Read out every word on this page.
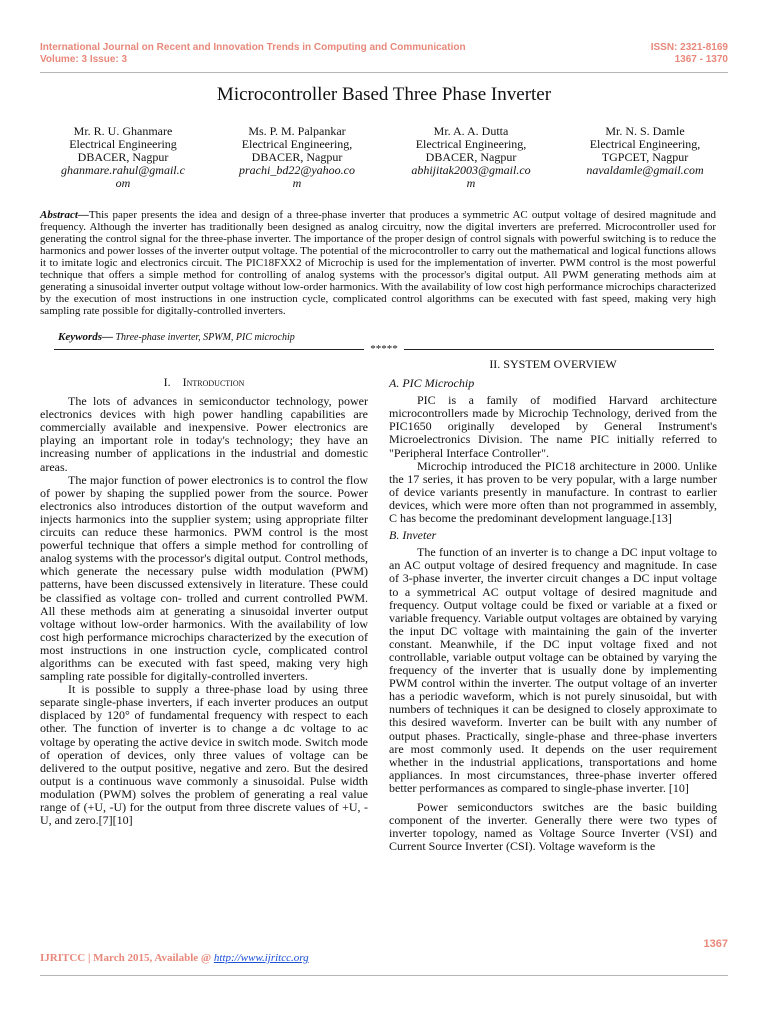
International Journal on Recent and Innovation Trends in Computing and Communication
Volume: 3 Issue: 3
ISSN: 2321-8169
1367 - 1370
Microcontroller Based Three Phase Inverter
Mr. R. U. Ghanmare
Electrical Engineering
DBACER, Nagpur
ghanmare.rahul@gmail.c
om
Ms. P. M. Palpankar
Electrical Engineering,
DBACER, Nagpur
prachi_bd22@yahoo.co
m
Mr. A. A. Dutta
Electrical Engineering,
DBACER, Nagpur
abhijitak2003@gmail.co
m
Mr. N. S. Damle
Electrical Engineering,
TGPCET, Nagpur
navaldamle@gmail.com
Abstract—This paper presents the idea and design of a three-phase inverter that produces a symmetric AC output voltage of desired magnitude and frequency. Although the inverter has traditionally been designed as analog circuitry, now the digital inverters are preferred. Microcontroller used for generating the control signal for the three-phase inverter. The importance of the proper design of control signals with powerful switching is to reduce the harmonics and power losses of the inverter output voltage. The potential of the microcontroller to carry out the mathematical and logical functions allows it to imitate logic and electronics circuit. The PIC18FXX2 of Microchip is used for the implementation of inverter. PWM control is the most powerful technique that offers a simple method for controlling of analog systems with the processor's digital output. All PWM generating methods aim at generating a sinusoidal inverter output voltage without low-order harmonics. With the availability of low cost high performance microchips characterized by the execution of most instructions in one instruction cycle, complicated control algorithms can be executed with fast speed, making very high sampling rate possible for digitally-controlled inverters.
Keywords— Three-phase inverter, SPWM, PIC microchip
*****
I. Introduction

The lots of advances in semiconductor technology, power electronics devices with high power handling capabilities are commercially available and inexpensive. Power electronics are playing an important role in today's technology; they have an increasing number of applications in the industrial and domestic areas.

The major function of power electronics is to control the flow of power by shaping the supplied power from the source. Power electronics also introduces distortion of the output waveform and injects harmonics into the supplier system; using appropriate filter circuits can reduce these harmonics. PWM control is the most powerful technique that offers a simple method for controlling of analog systems with the processor's digital output. Control methods, which generate the necessary pulse width modulation (PWM) patterns, have been discussed extensively in literature. These could be classified as voltage con- trolled and current controlled PWM. All these methods aim at generating a sinusoidal inverter output voltage without low-order harmonics. With the availability of low cost high performance microchips characterized by the execution of most instructions in one instruction cycle, complicated control algorithms can be executed with fast speed, making very high sampling rate possible for digitally-controlled inverters.

It is possible to supply a three-phase load by using three separate single-phase inverters, if each inverter produces an output displaced by 120° of fundamental frequency with respect to each other. The function of inverter is to change a dc voltage to ac voltage by operating the active device in switch mode. Switch mode of operation of devices, only three values of voltage can be delivered to the output positive, negative and zero. But the desired output is a continuous wave commonly a sinusoidal. Pulse width modulation (PWM) solves the problem of generating a real value range of (+U, -U) for the output from three discrete values of +U, -U, and zero.[7][10]

II. SYSTEM OVERVIEW
A. PIC Microchip

PIC is a family of modified Harvard architecture microcontrollers made by Microchip Technology, derived from the PIC1650 originally developed by General Instrument's Microelectronics Division. The name PIC initially referred to "Peripheral Interface Controller".

Microchip introduced the PIC18 architecture in 2000. Unlike the 17 series, it has proven to be very popular, with a large number of device variants presently in manufacture. In contrast to earlier devices, which were more often than not programmed in assembly, C has become the predominant development language.[13]

B. Inveter

The function of an inverter is to change a DC input voltage to an AC output voltage of desired frequency and magnitude. In case of 3-phase inverter, the inverter circuit changes a DC input voltage to a symmetrical AC output voltage of desired magnitude and frequency. Output voltage could be fixed or variable at a fixed or variable frequency. Variable output voltages are obtained by varying the input DC voltage with maintaining the gain of the inverter constant. Meanwhile, if the DC input voltage fixed and not controllable, variable output voltage can be obtained by varying the frequency of the inverter that is usually done by implementing PWM control within the inverter. The output voltage of an inverter has a periodic waveform, which is not purely sinusoidal, but with numbers of techniques it can be designed to closely approximate to this desired waveform. Inverter can be built with any number of output phases. Practically, single-phase and three-phase inverters are most commonly used. It depends on the user requirement whether in the industrial applications, transportations and home appliances. In most circumstances, three-phase inverter offered better performances as compared to single-phase inverter. [10]

Power semiconductors switches are the basic building component of the inverter. Generally there were two types of inverter topology, named as Voltage Source Inverter (VSI) and Current Source Inverter (CSI). Voltage waveform is the

1367
IJRITCC | March 2015, Available @ http://www.ijritcc.org
